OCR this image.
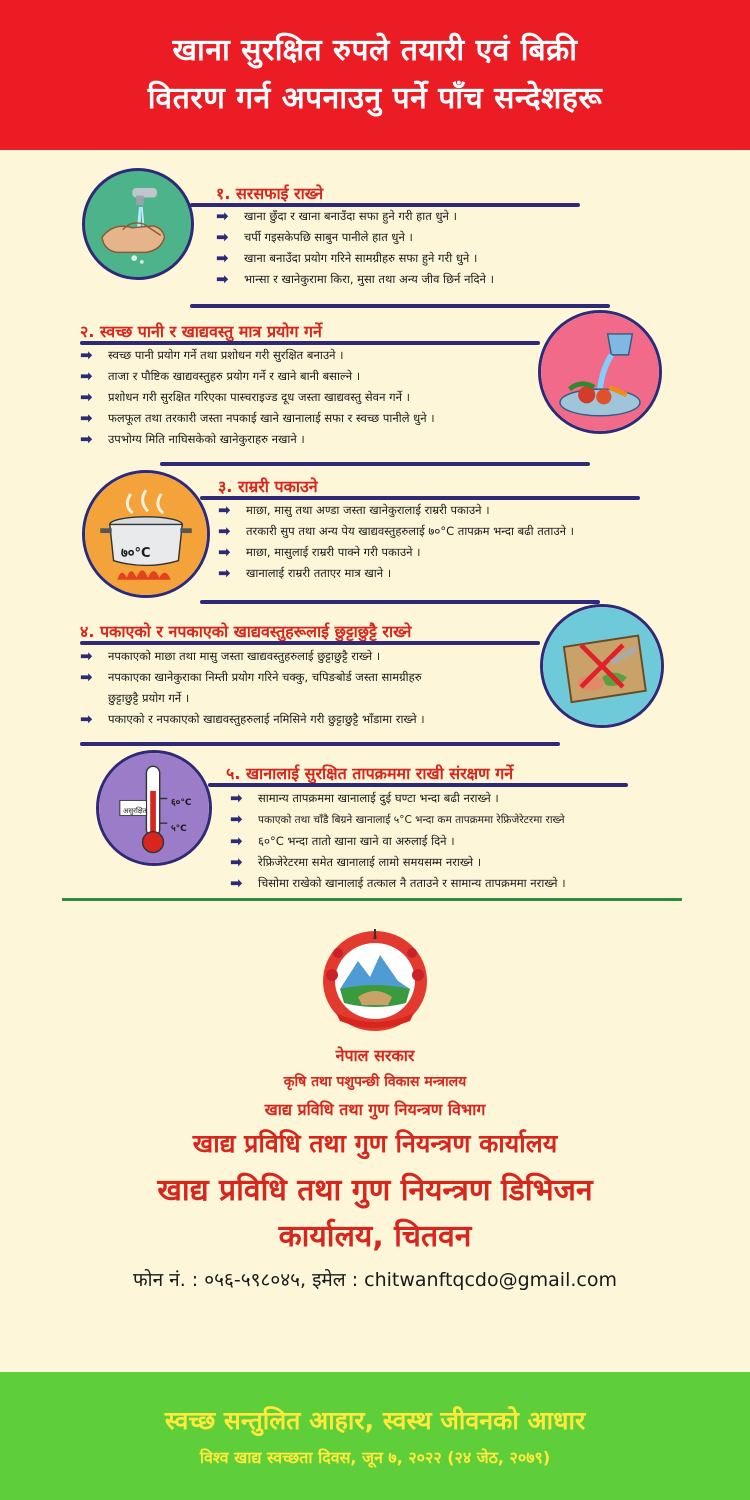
खाना सुरक्षित रुपले तयारी एवं बिक्री
वितरण गर्न अपनाउनु पर्ने पाँच सन्देशहरू
१. सरसफाई राख्ने
➡ खाना छुँदा र खाना बनाउँदा सफा हुने गरी हात धुने ।
➡ चर्पी गइसकेपछि साबुन पानीले हात धुने ।
➡ खाना बनाउँदा प्रयोग गरिने सामग्रीहरु सफा हुने गरी धुने ।
➡ भान्सा र खानेकुरामा किरा, मुसा तथा अन्य जीव छिर्न नदिने ।
२. स्वच्छ पानी र खाद्यवस्तु मात्र प्रयोग गर्ने
➡ स्वच्छ पानी प्रयोग गर्ने तथा प्रशोधन गरी सुरक्षित बनाउने ।
➡ ताजा र पौष्टिक खाद्यवस्तुहरु प्रयोग गर्ने र खाने बानी बसाल्ने ।
➡ प्रशोधन गरी सुरक्षित गरिएका पास्चराइज्ड दूध जस्ता खाद्यवस्तु सेवन गर्ने ।
➡ फलफूल तथा तरकारी जस्ता नपकाई खाने खानालाई सफा र स्वच्छ पानीले धुने ।
➡ उपभोग्य मिति नाघिसकेको खानेकुराहरु नखाने ।
७०°C
३. राम्ररी पकाउने
➡ माछा, मासु तथा अण्डा जस्ता खानेकुरालाई राम्ररी पकाउने ।
➡ तरकारी सुप तथा अन्य पेय खाद्यवस्तुहरुलाई ७०°C तापक्रम भन्दा बढी तताउने ।
➡ माछा, मासुलाई राम्ररी पाक्ने गरी पकाउने ।
➡ खानालाई राम्ररी तताएर मात्र खाने ।
४. पकाएको र नपकाएको खाद्यवस्तुहरूलाई छुट्टाछुट्टै राख्ने
➡ नपकाएको माछा तथा मासु जस्ता खाद्यवस्तुहरुलाई छुट्टाछुट्टै राख्ने ।
➡ नपकाएका खानेकुराका निम्ती प्रयोग गरिने चक्कु, चपिङबोर्ड जस्ता सामग्रीहरु
छुट्टाछुट्टै प्रयोग गर्ने ।
➡ पकाएको र नपकाएको खाद्यवस्तुहरुलाई नमिसिने गरी छुट्टाछुट्टै भाँडामा राख्ने ।
असुरक्षित
६०°C
५°C
५. खानालाई सुरक्षित तापक्रममा राखी संरक्षण गर्ने
➡ सामान्य तापक्रममा खानालाई दुई घण्टा भन्दा बढी नराख्ने ।
➡ पकाएको तथा चाँडै बिग्रने खानालाई ५°C भन्दा कम तापक्रममा रेफ्रिजेरेटरमा राख्ने
➡ ६०°C भन्दा तातो खाना खाने वा अरुलाई दिने ।
➡ रेफ्रिजेरेटरमा समेत खानालाई लामो समयसम्म नराख्ने ।
➡ चिसोमा राखेको खानालाई तत्काल नै तताउने र सामान्य तापक्रममा नराख्ने ।
नेपाल सरकार
कृषि तथा पशुपन्छी विकास मन्त्रालय
खाद्य प्रविधि तथा गुण नियन्त्रण विभाग
खाद्य प्रविधि तथा गुण नियन्त्रण कार्यालय
खाद्य प्रविधि तथा गुण नियन्त्रण डिभिजन
कार्यालय, चितवन
फोन नं. : ०५६-५९८०४५, इमेल : chitwanftqcdo@gmail.com
स्वच्छ सन्तुलित आहार, स्वस्थ जीवनको आधार
विश्व खाद्य स्वच्छता दिवस, जून ७, २०२२ (२४ जेठ, २०७९)
